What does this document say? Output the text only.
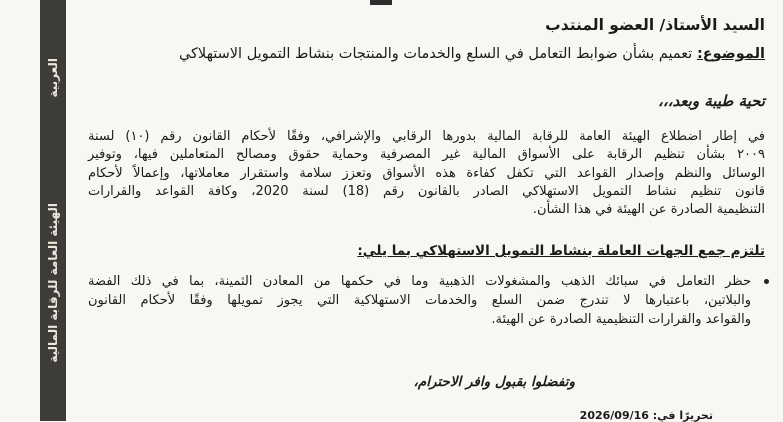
العربية
الهيئة العامة للرقابة المالية
السيد الأستاذ/ العضو المنتدب
الموضوع: تعميم بشأن ضوابط التعامل في السلع والخدمات والمنتجات بنشاط التمويل الاستهلاكي
تحية طيبة وبعد،،،
في إطار اضطلاع الهيئة العامة للرقابة المالية بدورها الرقابي والإشرافي، وفقًا لأحكام القانون رقم (١٠) لسنة
٢٠٠٩ بشأن تنظيم الرقابة على الأسواق المالية غير المصرفية وحماية حقوق ومصالح المتعاملين فيها، وتوفير
الوسائل والنظم وإصدار القواعد التي تكفل كفاءة هذه الأسواق وتعزز سلامة واستقرار معاملاتها، وإعمالاً لأحكام
قانون تنظيم نشاط التمويل الاستهلاكي الصادر بالقانون رقم (18) لسنة 2020، وكافة القواعد والقرارات
التنظيمية الصادرة عن الهيئة في هذا الشأن.
تلتزم جمع الجهات العاملة بنشاط التمويل الاستهلاكي بما يلي:
حظر التعامل في سبائك الذهب والمشغولات الذهبية وما في حكمها من المعادن الثمينة، بما في ذلك الفضة
والبلاتين، باعتبارها لا تندرج ضمن السلع والخدمات الاستهلاكية التي يجوز تمويلها وفقًا لأحكام القانون
والقواعد والقرارات التنظيمية الصادرة عن الهيئة.
وتفضلوا بقبول وافر الاحترام،
تحريرًا في: 2026/09/16
